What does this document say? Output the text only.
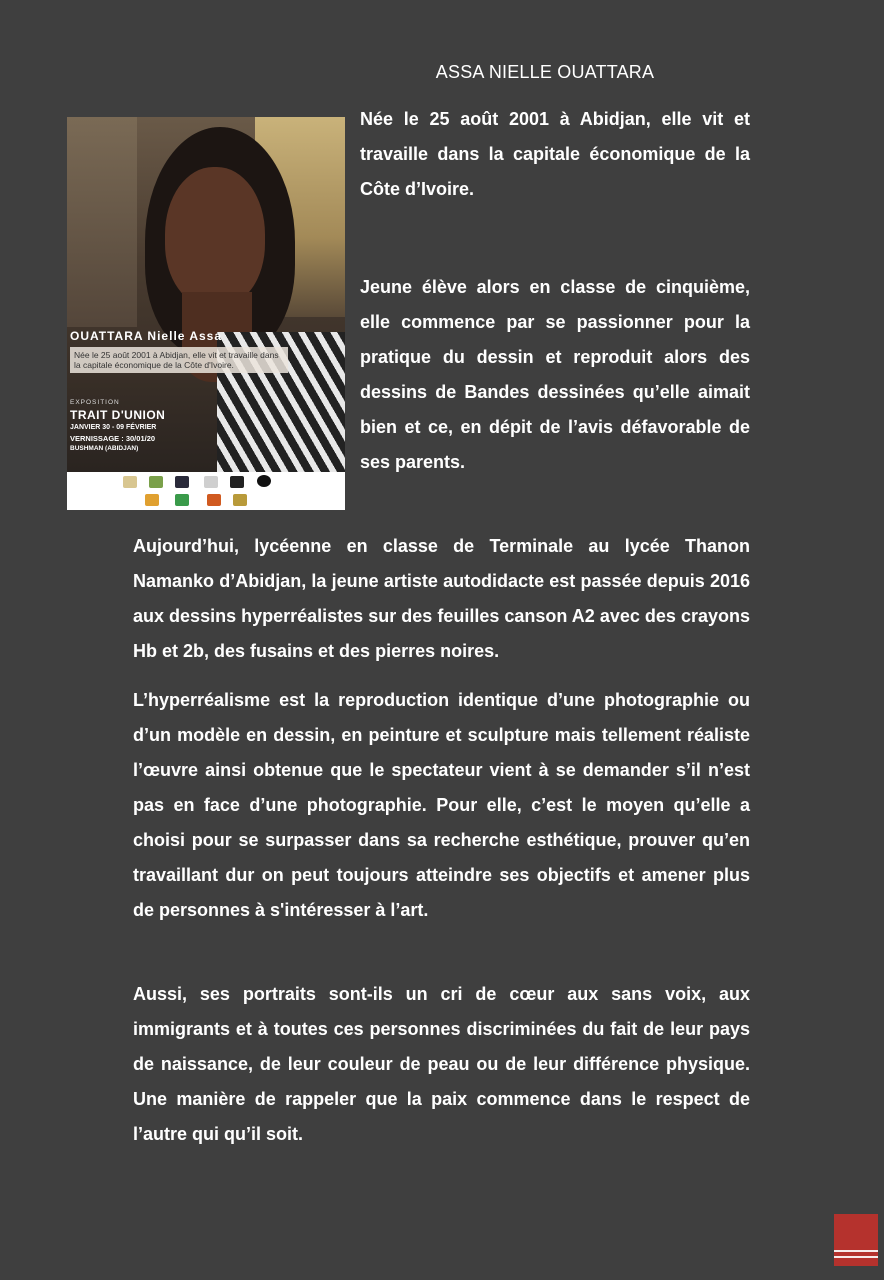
ASSA NIELLE OUATTARA
OUATTARA Nielle Assa
Née le 25 août 2001 à Abidjan, elle vit et travaille dans la capitale économique de la Côte d'Ivoire.
EXPOSITION
TRAIT D'UNION
JANVIER 30 - 09 FÉVRIER
VERNISSAGE : 30/01/20
BUSHMAN (ABIDJAN)

Née le 25 août 2001 à Abidjan, elle vit et travaille dans la capitale économique de la Côte d’Ivoire.

Jeune élève alors en classe de cinquième, elle commence par se passionner pour la pratique du dessin et reproduit alors des dessins de Bandes dessinées qu’elle aimait bien et ce, en dépit de l’avis défavorable de ses parents.

Aujourd’hui, lycéenne en classe de Terminale au lycée Thanon Namanko d’Abidjan, la jeune artiste autodidacte est passée depuis 2016 aux dessins hyperréalistes sur des feuilles canson A2 avec des crayons Hb et 2b, des fusains et des pierres noires.

L’hyperréalisme est la reproduction identique d’une photographie ou d’un modèle en dessin, en peinture et sculpture mais tellement réaliste l’œuvre ainsi obtenue que le spectateur vient à se demander s’il n’est pas en face d’une photographie. Pour elle, c’est le moyen qu’elle a choisi pour se surpasser dans sa recherche esthétique, prouver qu’en travaillant dur on peut toujours atteindre ses objectifs et amener plus de personnes à s'intéresser à l’art.

Aussi, ses portraits sont-ils un cri de cœur aux sans voix, aux immigrants et à toutes ces personnes discriminées du fait de leur pays de naissance, de leur couleur de peau ou de leur différence physique. Une manière de rappeler que la paix commence dans le respect de l’autre qui qu’il soit.
